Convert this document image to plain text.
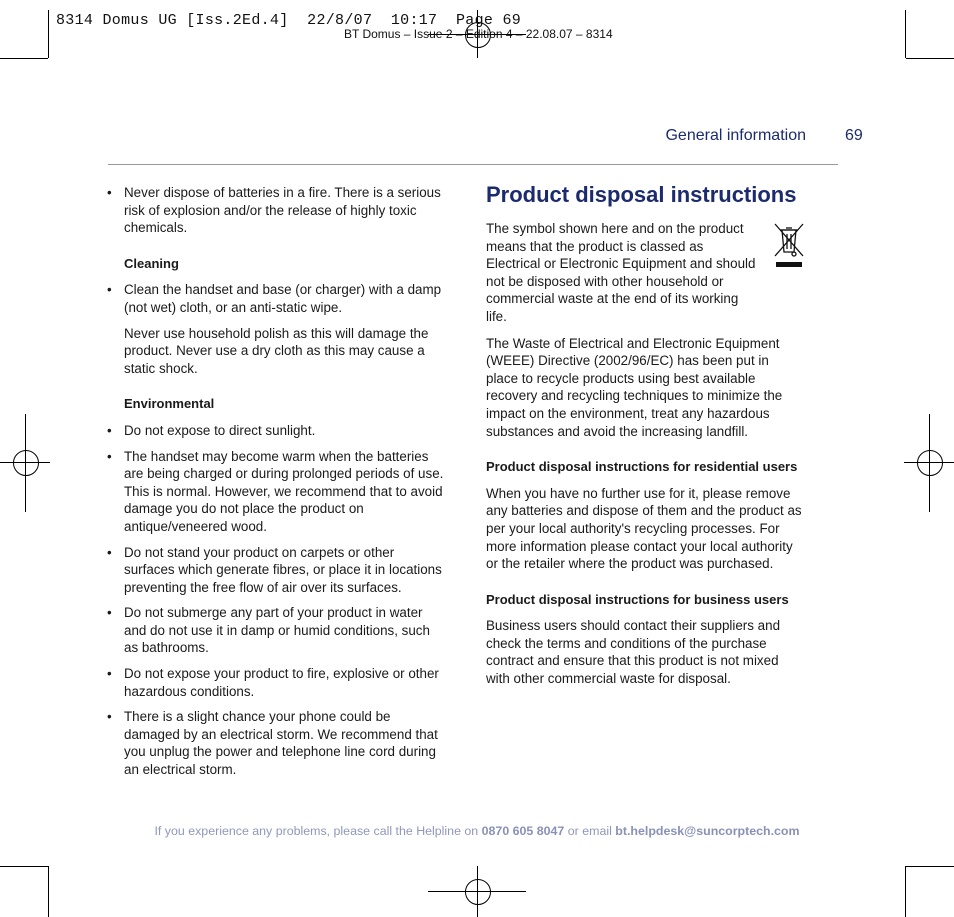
8314 Domus UG [Iss.2Ed.4]  22/8/07  10:17  Page 69
BT Domus – Issue 2 – Edition 4 – 22.08.07 – 8314
General information 69
• Never dispose of batteries in a fire. There is a serious risk of explosion and/or the release of highly toxic chemicals.
Cleaning
• Clean the handset and base (or charger) with a damp (not wet) cloth, or an anti-static wipe.

Never use household polish as this will damage the product. Never use a dry cloth as this may cause a static shock.

Environmental
• Do not expose to direct sunlight.
• The handset may become warm when the batteries are being charged or during prolonged periods of use. This is normal. However, we recommend that to avoid damage you do not place the product on antique/veneered wood.
• Do not stand your product on carpets or other surfaces which generate fibres, or place it in locations preventing the free flow of air over its surfaces.
• Do not submerge any part of your product in water and do not use it in damp or humid conditions, such as bathrooms.
• Do not expose your product to fire, explosive or other hazardous conditions.
• There is a slight chance your phone could be damaged by an electrical storm. We recommend that you unplug the power and telephone line cord during an electrical storm.
Product disposal instructions

The symbol shown here and on the product means that the product is classed as Electrical or Electronic Equipment and should not be disposed with other household or commercial waste at the end of its working life.

The Waste of Electrical and Electronic Equipment (WEEE) Directive (2002/96/EC) has been put in place to recycle products using best available recovery and recycling techniques to minimize the impact on the environment, treat any hazardous substances and avoid the increasing landfill.

Product disposal instructions for residential users

When you have no further use for it, please remove any batteries and dispose of them and the product as per your local authority's recycling processes. For more information please contact your local authority or the retailer where the product was purchased.

Product disposal instructions for business users

Business users should contact their suppliers and check the terms and conditions of the purchase contract and ensure that this product is not mixed with other commercial waste for disposal.

If you experience any problems, please call the Helpline on 0870 605 8047 or email bt.helpdesk@suncorptech.com
